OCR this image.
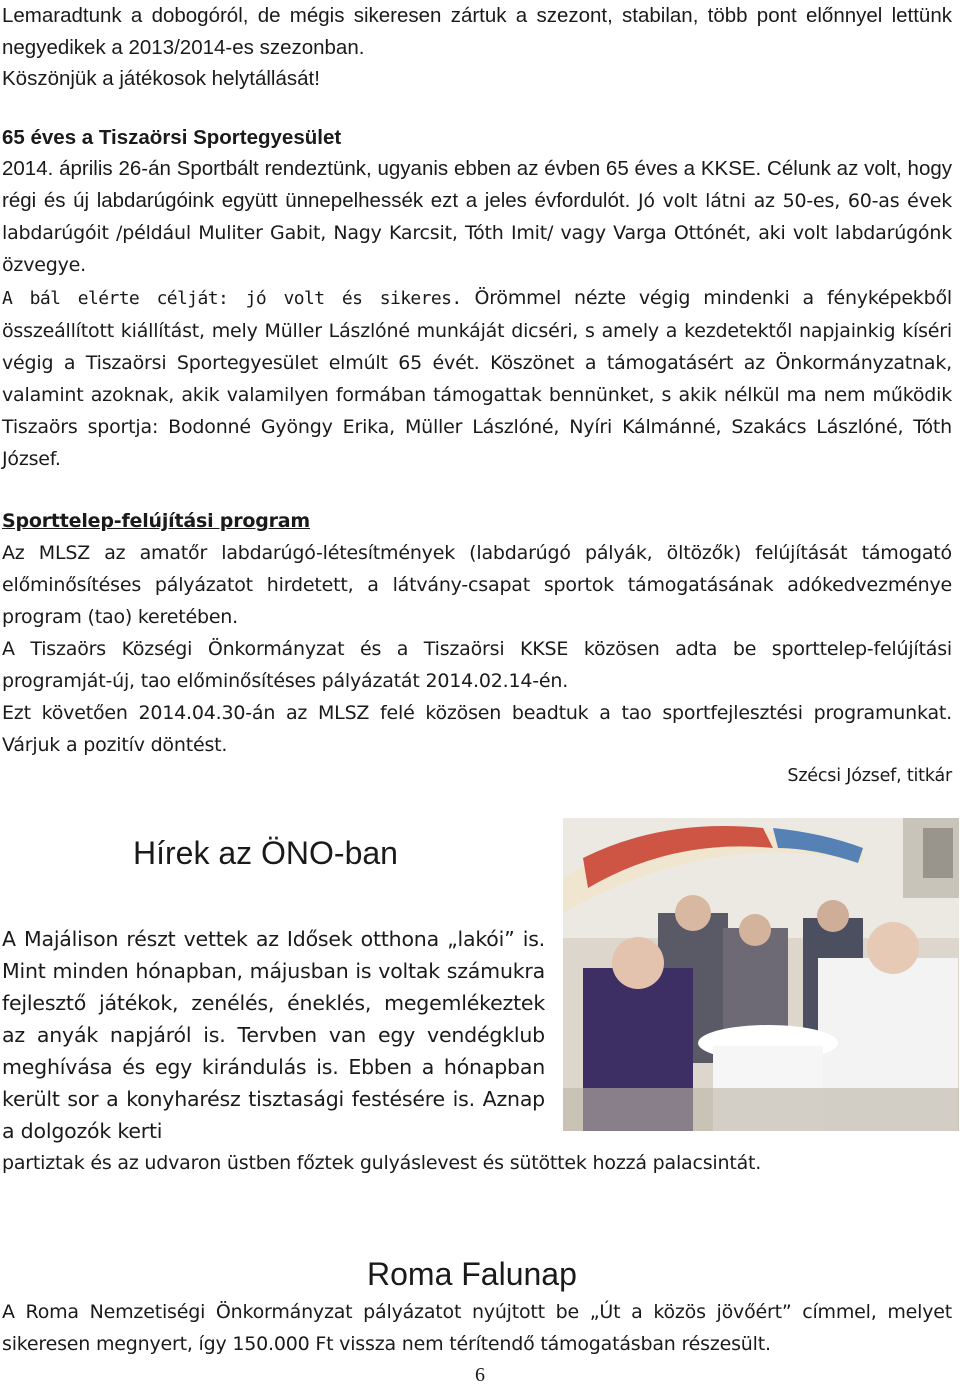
Lemaradtunk a dobogóról, de mégis sikeresen zártuk a szezont, stabilan, több pont előnnyel lettünk negyedikek a 2013/2014-es szezonban.
Köszönjük a játékosok helytállását!

65 éves a Tiszaörsi Sportegyesület

2014. április 26-án Sportbált rendeztünk, ugyanis ebben az évben 65 éves a KKSE. Célunk az volt, hogy régi és új labdarúgóink együtt ünnepelhessék ezt a jeles évfordulót. Jó volt látni az 50-es, 60-as évek labdarúgóit /például Muliter Gabit, Nagy Karcsit, Tóth Imit/ vagy Varga Ottónét, aki volt labdarúgónk özvegye.

A bál elérte célját: jó volt és sikeres. Örömmel nézte végig mindenki a fényképekből összeállított kiállítást, mely Müller Lászlóné munkáját dicséri, s amely a kezdetektől napjainkig kíséri végig a Tiszaörsi Sportegyesület elmúlt 65 évét. Köszönet a támogatásért az Önkormányzatnak, valamint azoknak, akik valamilyen formában támogattak bennünket, s akik nélkül ma nem működik Tiszaörs sportja: Bodonné Gyöngy Erika, Müller Lászlóné, Nyíri Kálmánné, Szakács Lászlóné, Tóth József.

Sporttelep-felújítási program

Az MLSZ az amatőr labdarúgó-létesítmények (labdarúgó pályák, öltözők) felújítását támogató előminősítéses pályázatot hirdetett, a látvány-csapat sportok támogatásának adókedvezménye program (tao) keretében.

A Tiszaörs Községi Önkormányzat és a Tiszaörsi KKSE közösen adta be sporttelep-felújítási programját-új, tao előminősítéses pályázatát 2014.02.14-én.

Ezt követően 2014.04.30-án az MLSZ felé közösen beadtuk a tao sportfejlesztési programunkat. Várjuk a pozitív döntést.

Szécsi József, titkár
Hírek az ÖNO-ban

A Majálison részt vettek az Idősek otthona „lakói” is. Mint minden hónapban, májusban is voltak számukra fejlesztő játékok, zenélés, éneklés, megemlékeztek az anyák napjáról is. Tervben van egy vendégklub meghívása és egy kirándulás is. Ebben a hónapban került sor a konyharész tisztasági festésére is. Aznap a dolgozók kerti

partiztak és az udvaron üstben főztek gulyáslevest és sütöttek hozzá palacsintát.

Roma Falunap

A Roma Nemzetiségi Önkormányzat pályázatot nyújtott be „Út a közös jövőért” címmel, melyet sikeresen megnyert, így 150.000 Ft vissza nem térítendő támogatásban részesült.

6
